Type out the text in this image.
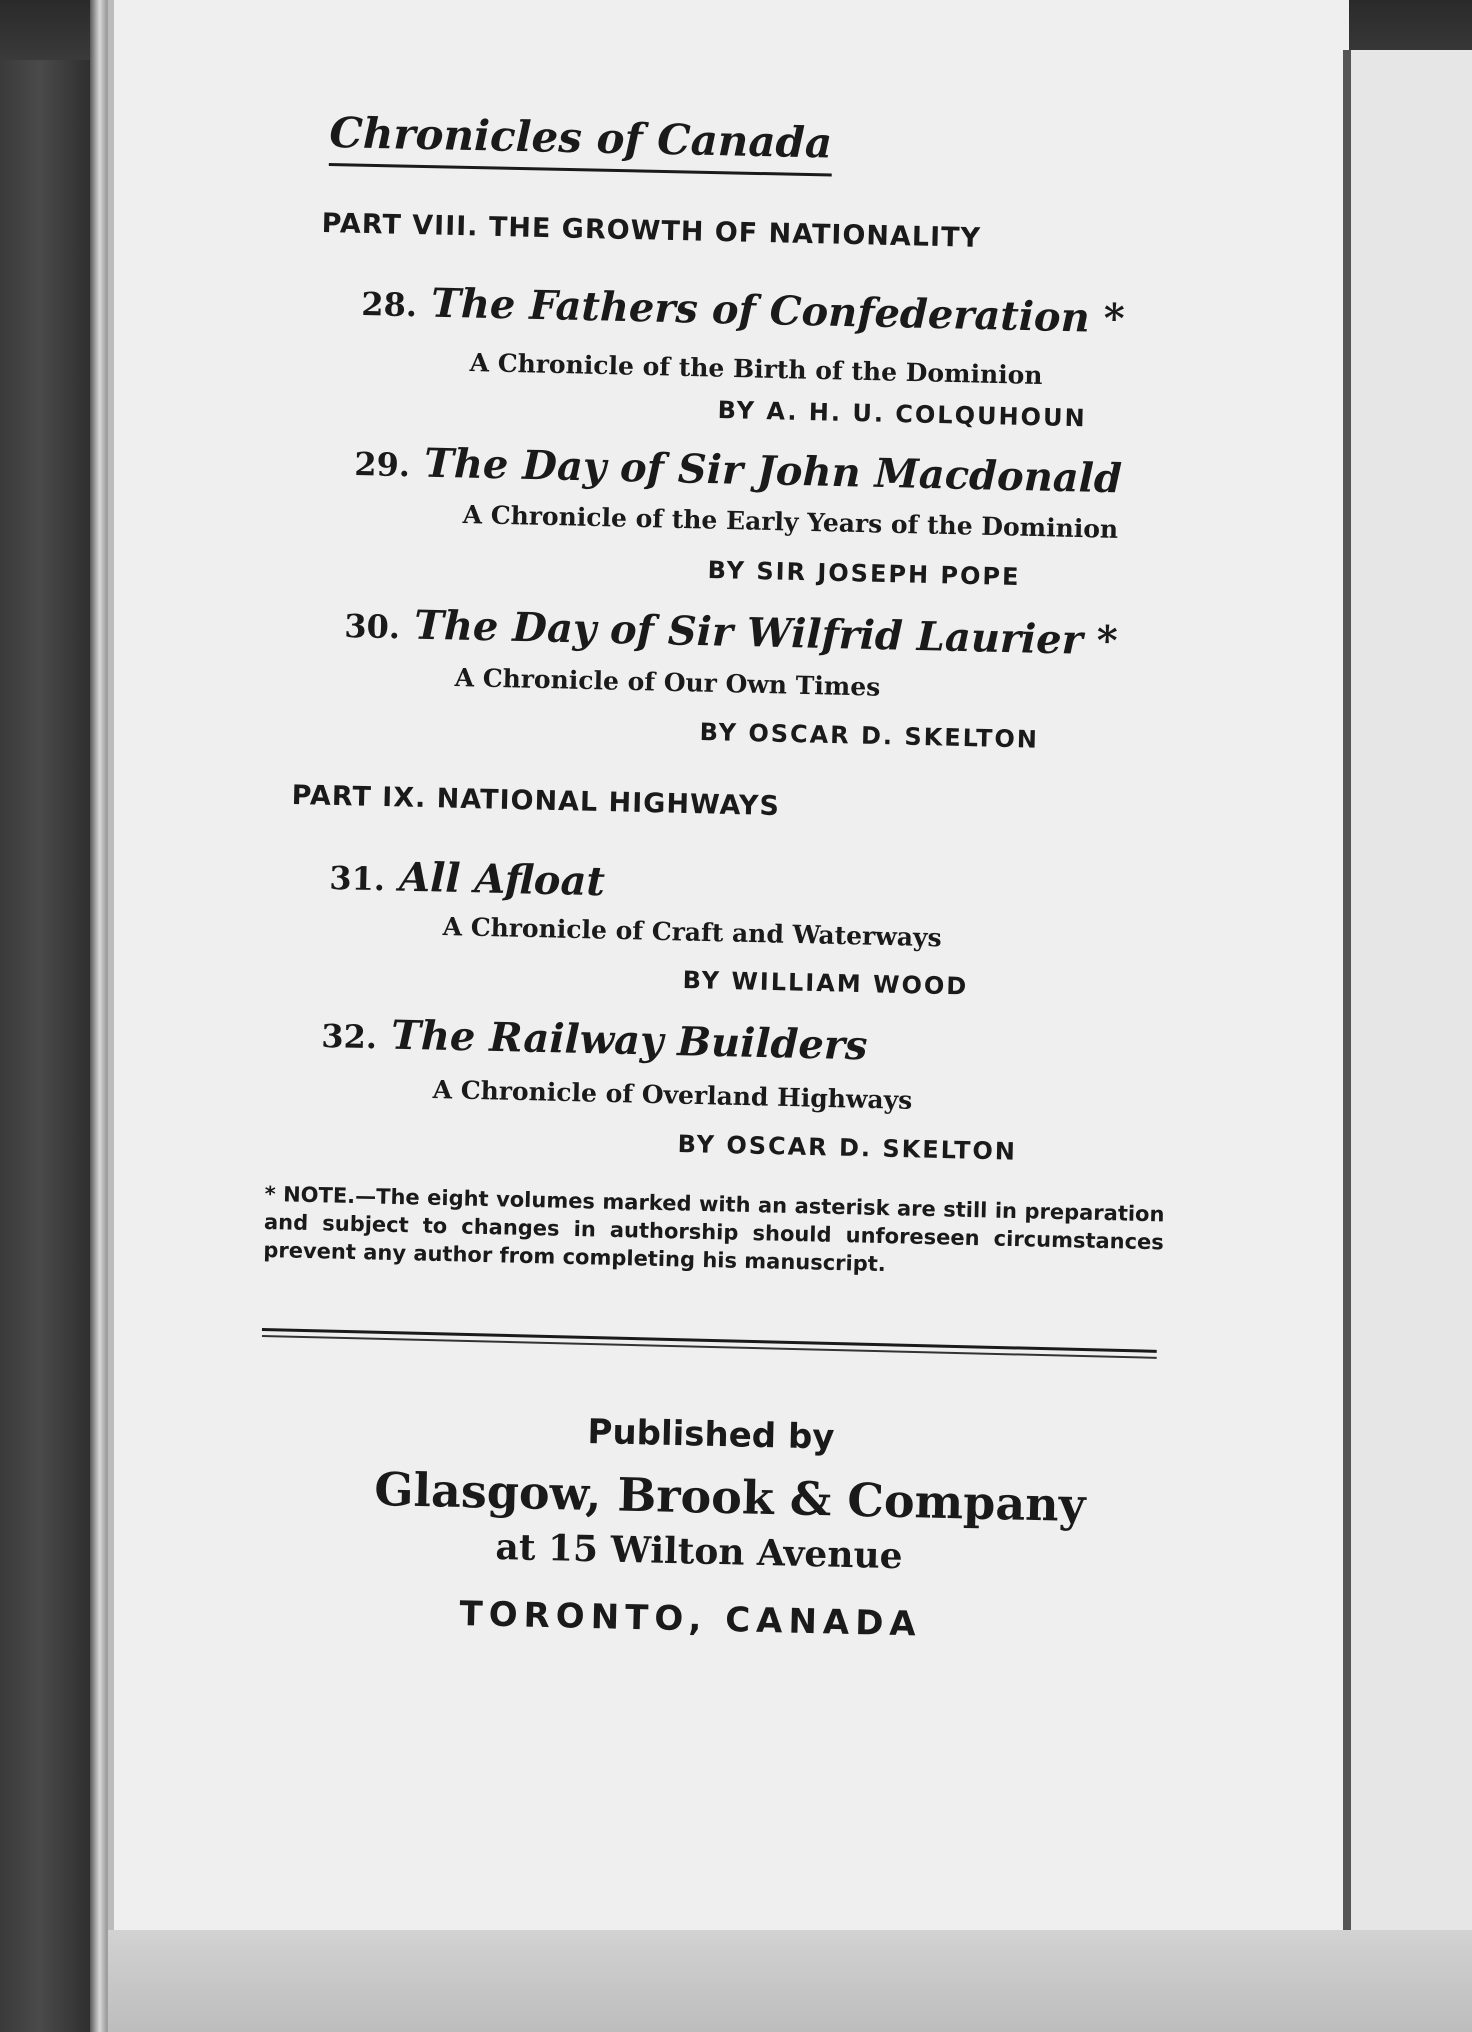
Chronicles of Canada
PART VIII. THE GROWTH OF NATIONALITY
28. The Fathers of Confederation *
A Chronicle of the Birth of the Dominion
BY A. H. U. COLQUHOUN
29. The Day of Sir John Macdonald
A Chronicle of the Early Years of the Dominion
BY SIR JOSEPH POPE
30. The Day of Sir Wilfrid Laurier *
A Chronicle of Our Own Times
BY OSCAR D. SKELTON
PART IX. NATIONAL HIGHWAYS
31. All Afloat
A Chronicle of Craft and Waterways
BY WILLIAM WOOD
32. The Railway Builders
A Chronicle of Overland Highways
BY OSCAR D. SKELTON
* NOTE.—The eight volumes marked with an asterisk are still in preparation and subject to changes in authorship should unforeseen circumstances prevent any author from completing his manuscript.
Published by
Glasgow, Brook & Company
at 15 Wilton Avenue
TORONTO, CANADA
